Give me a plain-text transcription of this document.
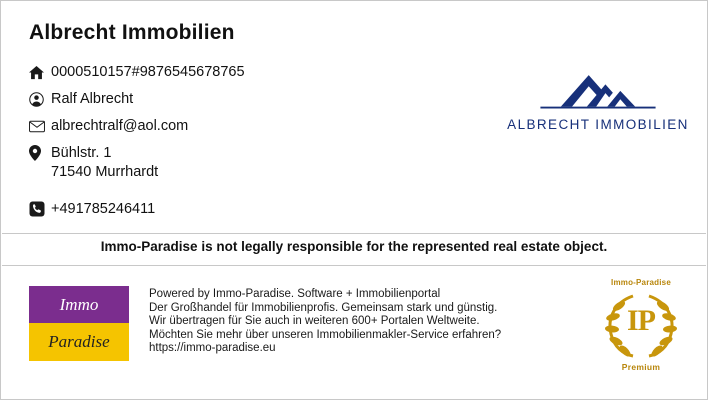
Albrecht Immobilien
0000510157#9876545678765
Ralf Albrecht
albrechtralf@aol.com
Bühlstr. 1
71540 Murrhardt
+491785246411
ALBRECHT IMMOBILIEN
Immo-Paradise is not legally responsible for the represented real estate object.
Immo
Paradise
Powered by Immo-Paradise. Software + Immobilienportal
Der Großhandel für Immobilienprofis. Gemeinsam stark und günstig.
Wir übertragen für Sie auch in weiteren 600+ Portalen Weltweite.
Möchten Sie mehr über unseren Immobilienmakler-Service erfahren?
https://immo-paradise.eu
Immo-Paradise
IP
Premium
